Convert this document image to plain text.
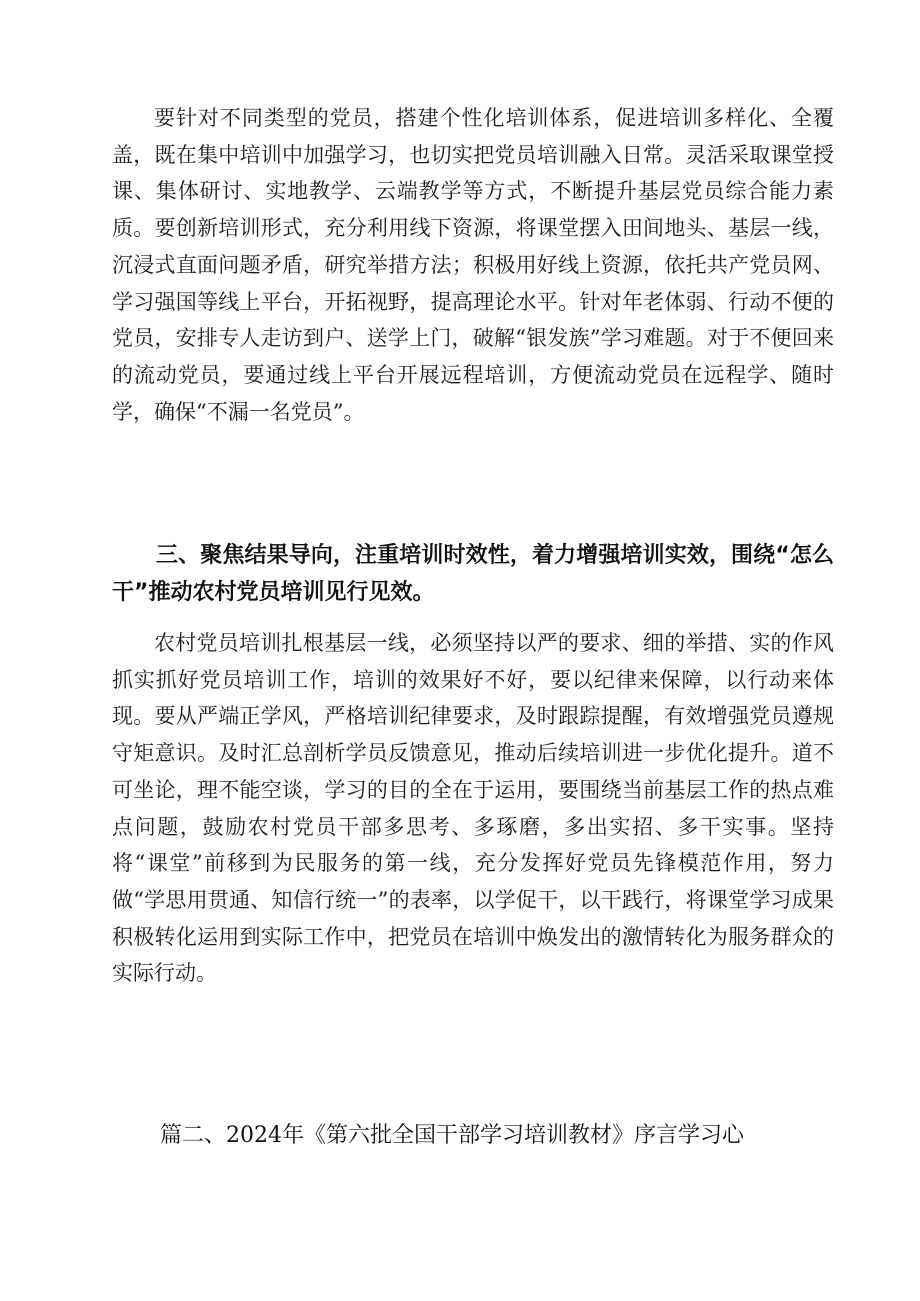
要针对不同类型的党员，搭建个性化培训体系，促进培训多样化、全覆盖，既在集中培训中加强学习，也切实把党员培训融入日常。灵活采取课堂授课、集体研讨、实地教学、云端教学等方式，不断提升基层党员综合能力素质。要创新培训形式，充分利用线下资源，将课堂摆入田间地头、基层一线，沉浸式直面问题矛盾，研究举措方法；积极用好线上资源，依托共产党员网、学习强国等线上平台，开拓视野，提高理论水平。针对年老体弱、行动不便的党员，安排专人走访到户、送学上门，破解“银发族”学习难题。对于不便回来的流动党员，要通过线上平台开展远程培训，方便流动党员在远程学、随时学，确保“不漏一名党员”。

三、聚焦结果导向，注重培训时效性，着力增强培训实效，围绕“怎么干”推动农村党员培训见行见效。

农村党员培训扎根基层一线，必须坚持以严的要求、细的举措、实的作风抓实抓好党员培训工作，培训的效果好不好，要以纪律来保障，以行动来体现。要从严端正学风，严格培训纪律要求，及时跟踪提醒，有效增强党员遵规守矩意识。及时汇总剖析学员反馈意见，推动后续培训进一步优化提升。道不可坐论，理不能空谈，学习的目的全在于运用，要围绕当前基层工作的热点难点问题，鼓励农村党员干部多思考、多琢磨，多出实招、多干实事。坚持将“课堂”前移到为民服务的第一线，充分发挥好党员先锋模范作用，努力做“学思用贯通、知信行统一”的表率，以学促干，以干践行，将课堂学习成果积极转化运用到实际工作中，把党员在培训中焕发出的激情转化为服务群众的实际行动。

篇二、2024年《第六批全国干部学习培训教材》序言学习心
